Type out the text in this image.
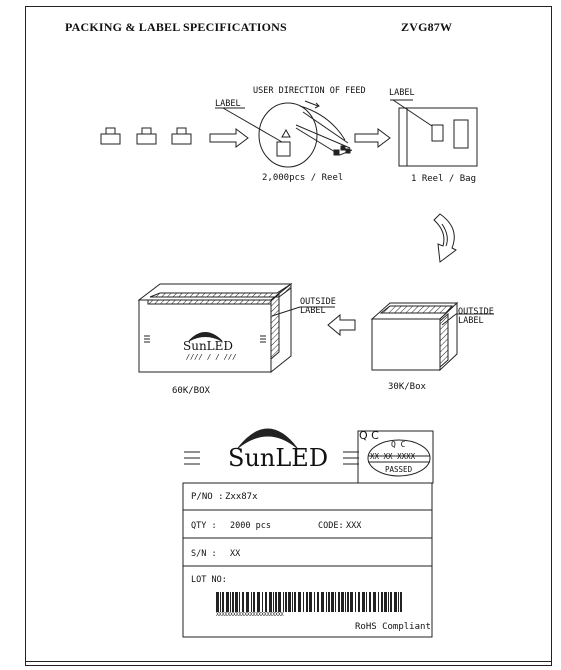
PACKING & LABEL SPECIFICATIONS	ZVG87W
USER DIRECTION OF FEED
LABEL
LABEL
2,000pcs / Reel	1 Reel / Bag
OUTSIDE
LABEL	OUTSIDE
LABEL
SunLED
//// / / ///
60K/BOX	30K/Box
SunLED
Q C
Q C
XX XX XXXX
PASSED
P/NO : Zxx87x
QTY : 2000 pcs	CODE: XXX
S/N : XX
LOT NO:
XXXXXXXXXXXXXXXXXXXXXXXX
RoHS Compliant
